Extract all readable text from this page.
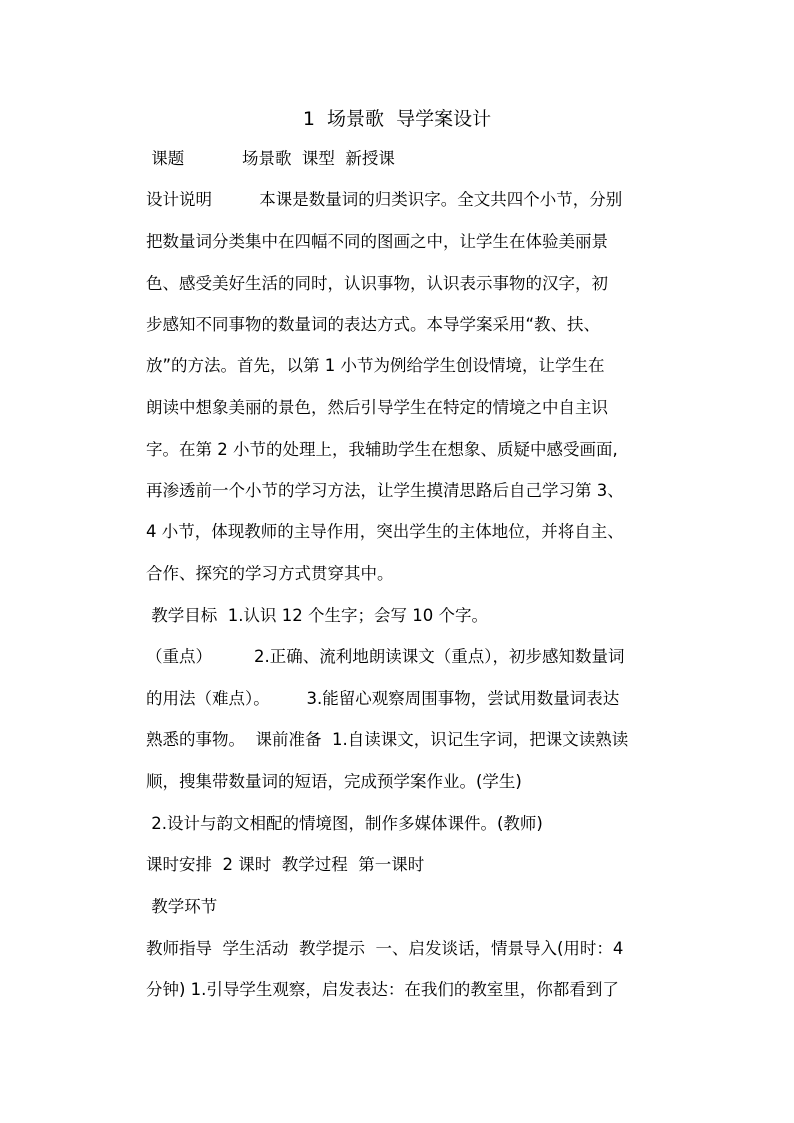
1  场景歌  导学案设计

课题           场景歌  课型  新授课

设计说明         本课是数量词的归类识字。全文共四个小节，分别

把数量词分类集中在四幅不同的图画之中，让学生在体验美丽景

色、感受美好生活的同时，认识事物，认识表示事物的汉字，初

步感知不同事物的数量词的表达方式。本导学案采用“教、扶、

放”的方法。首先，以第 1 小节为例给学生创设情境，让学生在

朗读中想象美丽的景色，然后引导学生在特定的情境之中自主识

字。在第 2 小节的处理上，我辅助学生在想象、质疑中感受画面,

再渗透前一个小节的学习方法，让学生摸清思路后自己学习第 3、

4 小节，体现教师的主导作用，突出学生的主体地位，并将自主、

合作、探究的学习方式贯穿其中。

教学目标  1.认识 12 个生字；会写 10 个字。

（重点）        2.正确、流利地朗读课文（重点），初步感知数量词

的用法（难点）。       3.能留心观察周围事物，尝试用数量词表达

熟悉的事物。  课前准备  1.自读课文，识记生字词，把课文读熟读

顺，搜集带数量词的短语，完成预学案作业。(学生)

2.设计与韵文相配的情境图，制作多媒体课件。(教师)

课时安排  2 课时  教学过程  第一课时

教学环节

教师指导  学生活动  教学提示  一、启发谈话，情景导入(用时：4

分钟) 1.引导学生观察，启发表达：在我们的教室里，你都看到了
